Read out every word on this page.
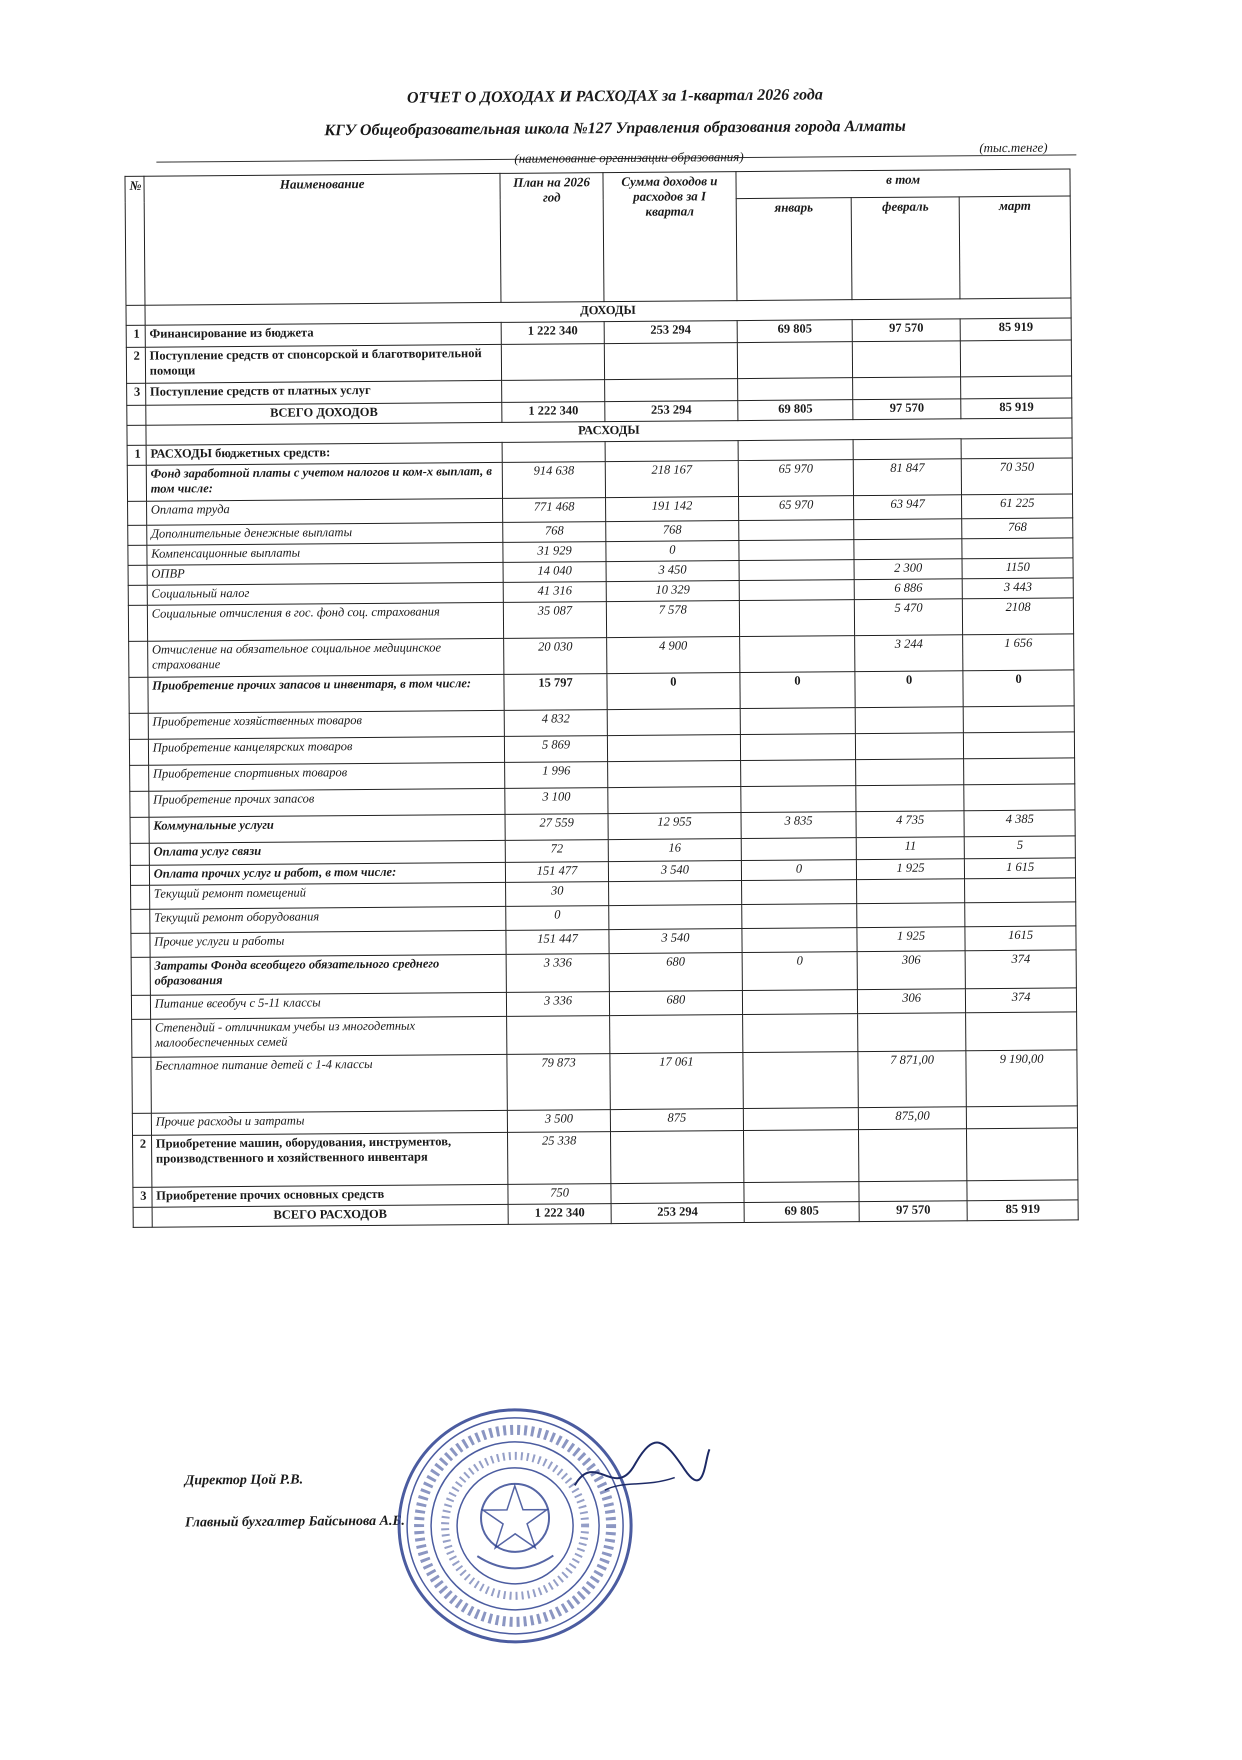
ОТЧЕТ О ДОХОДАХ И РАСХОДАХ за 1-квартал 2026 года
КГУ Общеобразовательная школа №127 Управления образования города Алматы
(наименование организации образования)
(тыс.тенге)
№	Наименование	План на 2026 год	Сумма доходов и расходов за I квартал	в том		
				январь	февраль	март
	ДОХОДЫ					
1	Финансирование из бюджета	1 222 340	253 294	69 805	97 570	85 919
2	Поступление средств от спонсорской и благотворительной помощи					
3	Поступление средств от платных услуг					
	ВСЕГО ДОХОДОВ	1 222 340	253 294	69 805	97 570	85 919
	РАСХОДЫ					
1	РАСХОДЫ бюджетных средств:					
	Фонд заработной платы с учетом налогов и ком-х выплат, в том числе:	914 638	218 167	65 970	81 847	70 350
	Оплата труда	771 468	191 142	65 970	63 947	61 225
	Дополнительные денежные выплаты	768	768			768
	Компенсационные выплаты	31 929	0			
	ОПВР	14 040	3 450		2 300	1150
	Социальный налог	41 316	10 329		6 886	3 443
	Социальные отчисления в гос. фонд соц. страхования	35 087	7 578		5 470	2108
	Отчисление на обязательное социальное медицинское страхование	20 030	4 900		3 244	1 656
	Приобретение прочих запасов и инвентаря, в том числе:	15 797	0	0	0	0
	Приобретение хозяйственных товаров	4 832				
	Приобретение канцелярских товаров	5 869				
	Приобретение спортивных товаров	1 996				
	Приобретение прочих запасов	3 100				
	Коммунальные услуги	27 559	12 955	3 835	4 735	4 385
	Оплата услуг связи	72	16		11	5
	Оплата прочих услуг и работ, в том числе:	151 477	3 540	0	1 925	1 615
	Текущий ремонт помещений	30				
	Текущий ремонт оборудования	0				
	Прочие услуги и работы	151 447	3 540		1 925	1615
	Затраты Фонда всеобщего обязательного среднего образования	3 336	680	0	306	374
	Питание всеобуч с 5-11 классы	3 336	680		306	374
	Степендий - отличникам учебы из многодетных малообеспеченных семей					
	Бесплатное питание детей с 1-4 классы	79 873	17 061		7 871,00	9 190,00
	Прочие расходы и затраты	3 500	875		875,00	
2	Приобретение машин, оборудования, инструментов, производственного и хозяйственного инвентаря	25 338				
3	Приобретение прочих основных средств	750				
	ВСЕГО РАСХОДОВ	1 222 340	253 294	69 805	97 570	85 919
Директор Цой Р.В.
Главный бухгалтер Байсынова А.Б.
